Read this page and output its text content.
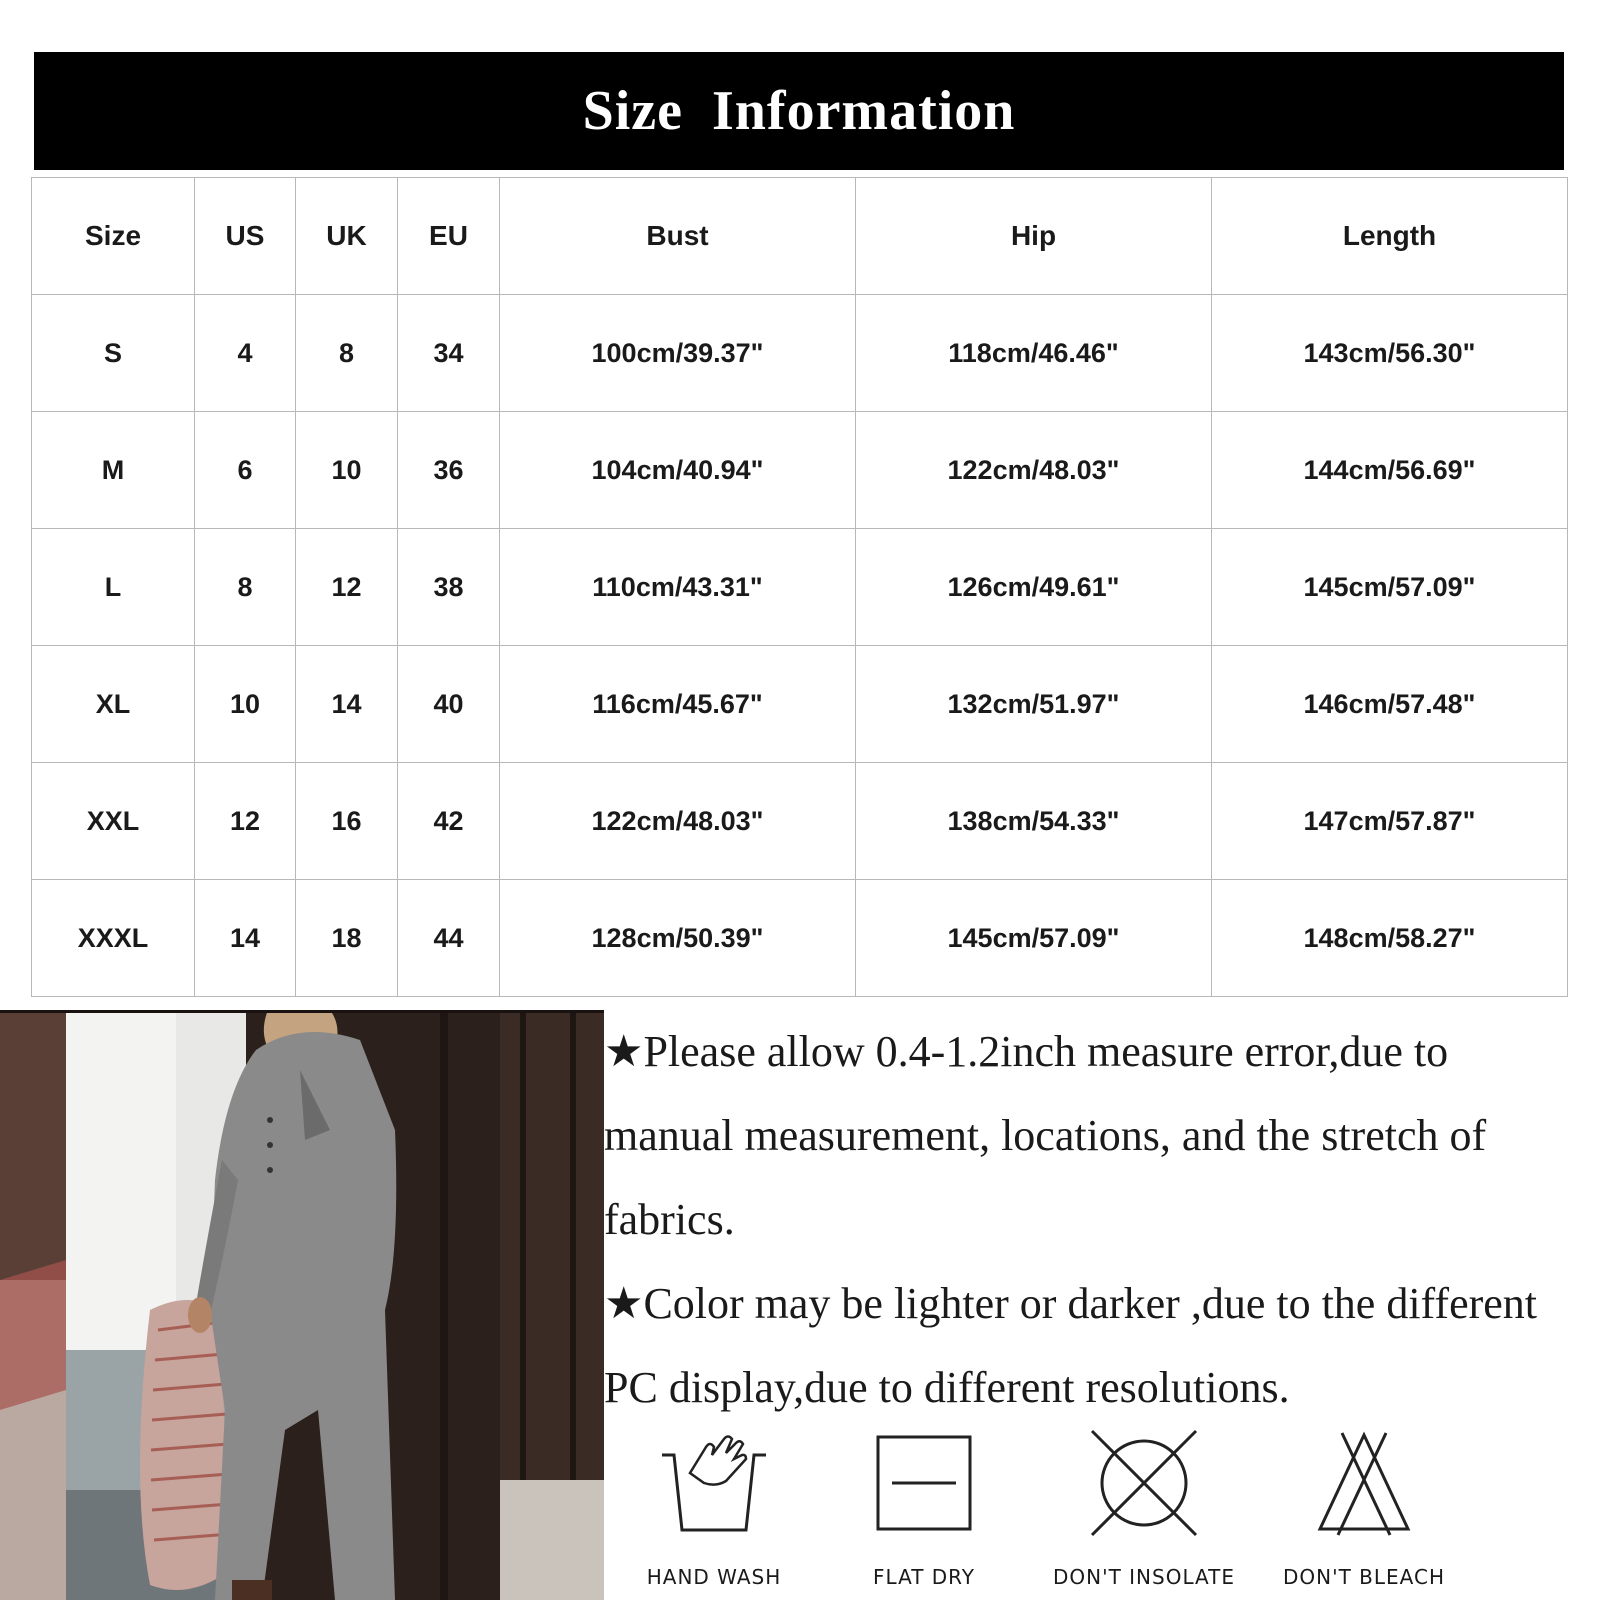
Size Information
Size	US	UK	EU	Bust	Hip	Length
S	4	8	34	100cm/39.37"	118cm/46.46"	143cm/56.30"
M	6	10	36	104cm/40.94"	122cm/48.03"	144cm/56.69"
L	8	12	38	110cm/43.31"	126cm/49.61"	145cm/57.09"
XL	10	14	40	116cm/45.67"	132cm/51.97"	146cm/57.48"
XXL	12	16	42	122cm/48.03"	138cm/54.33"	147cm/57.87"
XXXL	14	18	44	128cm/50.39"	145cm/57.09"	148cm/58.27"

★Please allow 0.4-1.2inch measure error,due to manual measurement, locations, and the stretch of fabrics.

★Color may be lighter or darker ,due to the different PC display,due to different resolutions.

HAND WASH	FLAT DRY	DON'T INSOLATE	DON'T BLEACH
